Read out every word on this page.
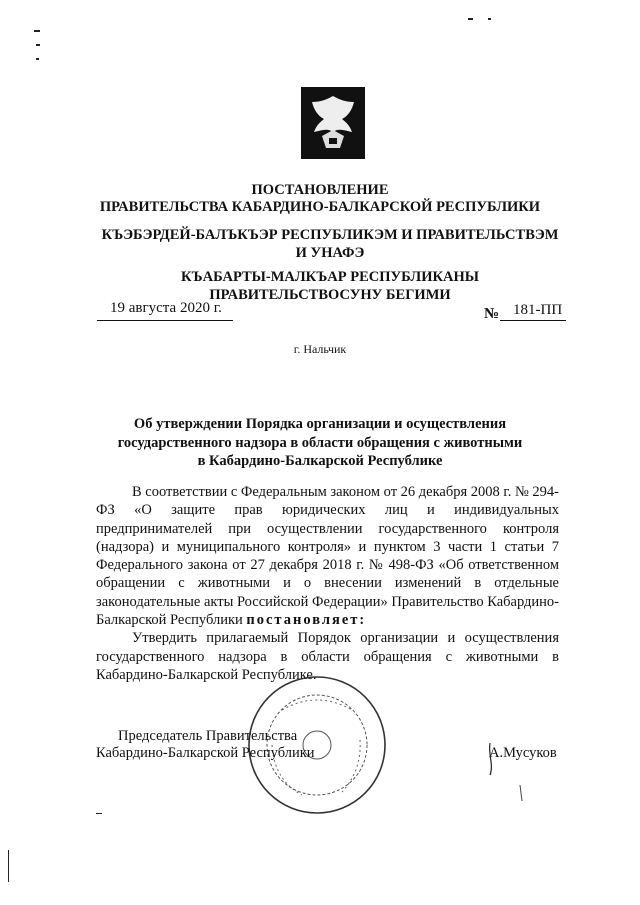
ПОСТАНОВЛЕНИЕ
ПРАВИТЕЛЬСТВА КАБАРДИНО-БАЛКАРСКОЙ РЕСПУБЛИКИ
КЪЭБЭРДЕЙ-БАЛЪКЪЭР РЕСПУБЛИКЭМ И ПРАВИТЕЛЬСТВЭМ И УНАФЭ
КЪАБАРТЫ-МАЛКЪАР РЕСПУБЛИКАНЫ ПРАВИТЕЛЬСТВОСУНУ БЕГИМИ
19 августа 2020 г.	№ 181-ПП
г. Нальчик
Об утверждении Порядка организации и осуществления
государственного надзора в области обращения с животными
в Кабардино-Балкарской Республике

В соответствии с Федеральным законом от 26 декабря 2008 г. № 294-ФЗ «О защите прав юридических лиц и индивидуальных предпринимателей при осуществлении государственного контроля (надзора) и муниципального контроля» и пунктом 3 части 1 статьи 7 Федерального закона от 27 декабря 2018 г. № 498-ФЗ «Об ответственном обращении с животными и о внесении изменений в отдельные законодательные акты Российской Федерации» Правительство Кабардино-Балкарской Республики постановляет:

Утвердить прилагаемый Порядок организации и осуществления государственного надзора в области обращения с животными в Кабардино-Балкарской Республике.

Председатель Правительства
Кабардино-Балкарской Республики	А.Мусуков
